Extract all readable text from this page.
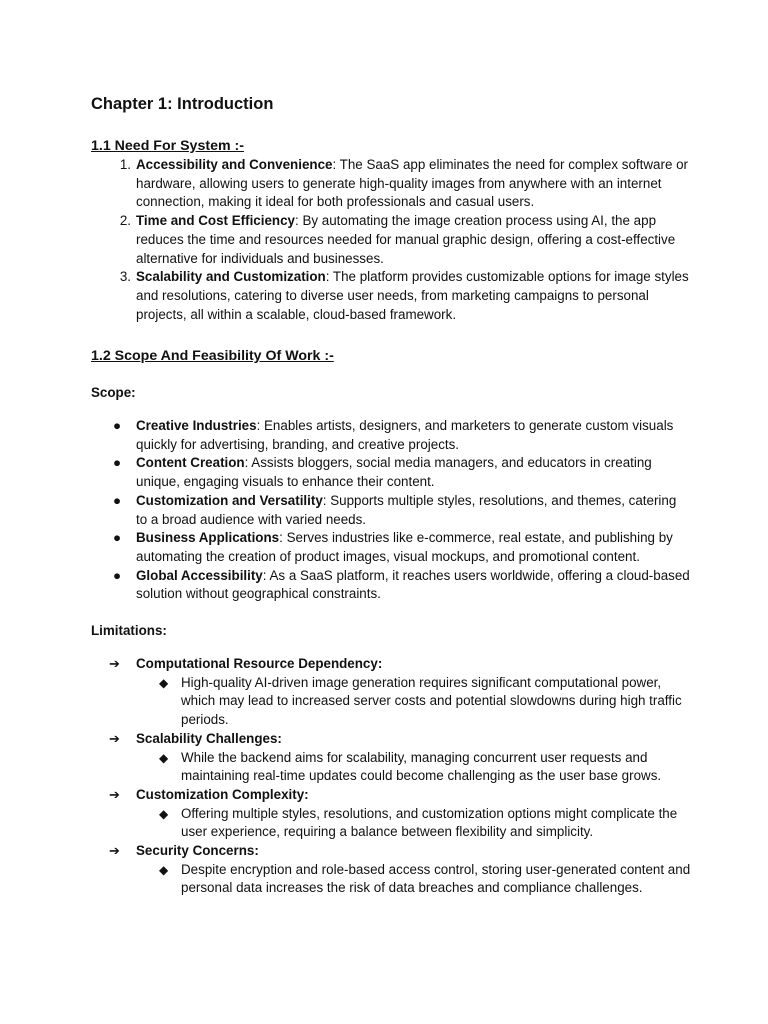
Chapter 1: Introduction
1.1 Need For System :-
1. Accessibility and Convenience: The SaaS app eliminates the need for complex software or hardware, allowing users to generate high-quality images from anywhere with an internet connection, making it ideal for both professionals and casual users.
2. Time and Cost Efficiency: By automating the image creation process using AI, the app reduces the time and resources needed for manual graphic design, offering a cost-effective alternative for individuals and businesses.
3. Scalability and Customization: The platform provides customizable options for image styles and resolutions, catering to diverse user needs, from marketing campaigns to personal projects, all within a scalable, cloud-based framework.
1.2 Scope And Feasibility Of Work :-

Scope:

● Creative Industries: Enables artists, designers, and marketers to generate custom visuals quickly for advertising, branding, and creative projects.
● Content Creation: Assists bloggers, social media managers, and educators in creating unique, engaging visuals to enhance their content.
● Customization and Versatility: Supports multiple styles, resolutions, and themes, catering to a broad audience with varied needs.
● Business Applications: Serves industries like e-commerce, real estate, and publishing by automating the creation of product images, visual mockups, and promotional content.
● Global Accessibility: As a SaaS platform, it reaches users worldwide, offering a cloud-based solution without geographical constraints.

Limitations:

➔ Computational Resource Dependency:
◆ High-quality AI-driven image generation requires significant computational power, which may lead to increased server costs and potential slowdowns during high traffic periods.
➔ Scalability Challenges:
◆ While the backend aims for scalability, managing concurrent user requests and maintaining real-time updates could become challenging as the user base grows.
➔ Customization Complexity:
◆ Offering multiple styles, resolutions, and customization options might complicate the user experience, requiring a balance between flexibility and simplicity.
➔ Security Concerns:
◆ Despite encryption and role-based access control, storing user-generated content and personal data increases the risk of data breaches and compliance challenges.
